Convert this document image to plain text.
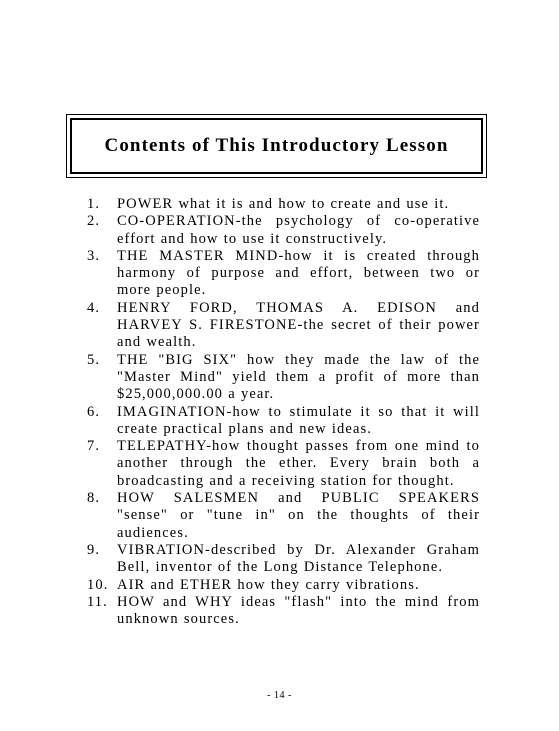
Contents of This Introductory Lesson
1.	POWER what it is and how to create and use it.
2.	CO-OPERATION-the psychology of co-operative effort and how to use it constructively.
3.	THE MASTER MIND-how it is created through harmony of purpose and effort, between two or more people.
4.	HENRY FORD, THOMAS A. EDISON and HARVEY S. FIRESTONE-the secret of their power and wealth.
5.	THE "BIG SIX" how they made the law of the "Master Mind" yield them a profit of more than $25,000,000.00 a year.
6.	IMAGINATION-how to stimulate it so that it will create practical plans and new ideas.
7.	TELEPATHY-how thought passes from one mind to another through the ether. Every brain both a broadcasting and a receiving station for thought.
8.	HOW SALESMEN and PUBLIC SPEAKERS "sense" or "tune in" on the thoughts of their audiences.
9.	VIBRATION-described by Dr. Alexander Graham Bell, inventor of the Long Distance Telephone.
10. AIR and ETHER how they carry vibrations.
11. HOW and WHY ideas "flash" into the mind from unknown sources.
- 14 -
